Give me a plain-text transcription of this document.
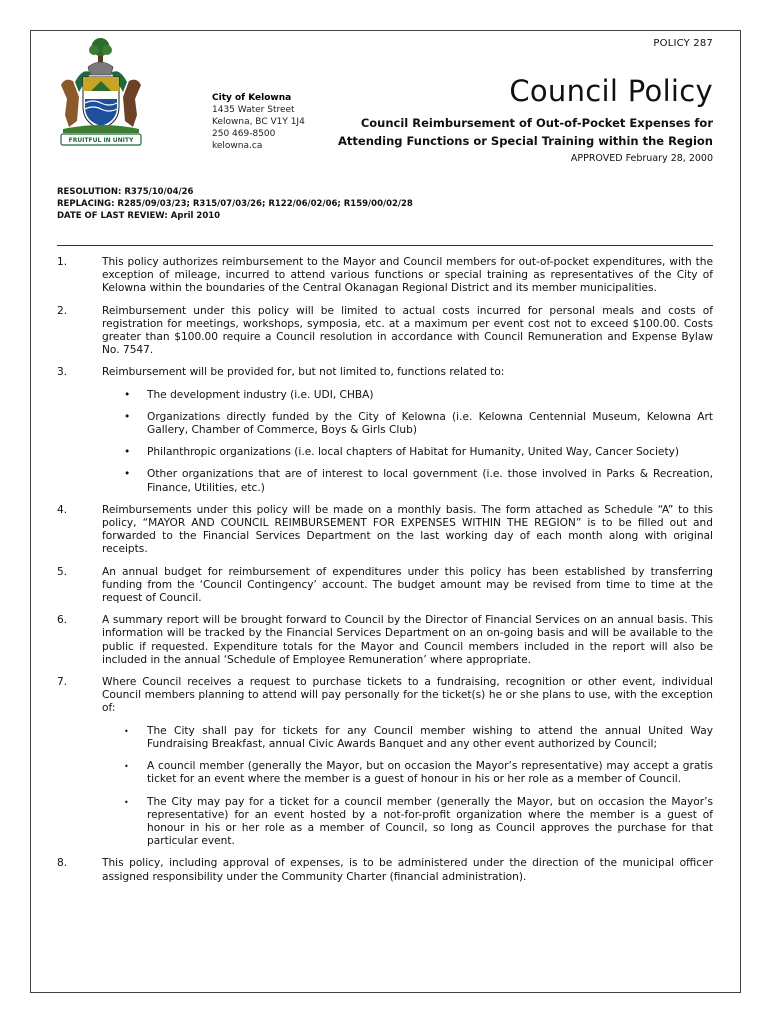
POLICY 287
FRUITFUL IN UNITY
City of Kelowna
1435 Water Street
Kelowna, BC V1Y 1J4
250 469-8500
kelowna.ca
Council Policy
Council Reimbursement of Out-of-Pocket Expenses for Attending Functions or Special Training within the Region
APPROVED February 28, 2000
RESOLUTION: R375/10/04/26
REPLACING: R285/09/03/23; R315/07/03/26; R122/06/02/06; R159/00/02/28
DATE OF LAST REVIEW: April 2010
1.	This policy authorizes reimbursement to the Mayor and Council members for out-of-pocket expenditures, with the exception of mileage, incurred to attend various functions or special training as representatives of the City of Kelowna within the boundaries of the Central Okanagan Regional District and its member municipalities.
2.	Reimbursement under this policy will be limited to actual costs incurred for personal meals and costs of registration for meetings, workshops, symposia, etc. at a maximum per event cost not to exceed $100.00. Costs greater than $100.00 require a Council resolution in accordance with Council Remuneration and Expense Bylaw No. 7547.
3.	Reimbursement will be provided for, but not limited to, functions related to:
• The development industry (i.e. UDI, CHBA)
• Organizations directly funded by the City of Kelowna (i.e. Kelowna Centennial Museum, Kelowna Art Gallery, Chamber of Commerce, Boys & Girls Club)
• Philanthropic organizations (i.e. local chapters of Habitat for Humanity, United Way, Cancer Society)
• Other organizations that are of interest to local government (i.e. those involved in Parks & Recreation, Finance, Utilities, etc.)
4.	Reimbursements under this policy will be made on a monthly basis. The form attached as Schedule “A” to this policy, “MAYOR AND COUNCIL REIMBURSEMENT FOR EXPENSES WITHIN THE REGION” is to be filled out and forwarded to the Financial Services Department on the last working day of each month along with original receipts.
5.	An annual budget for reimbursement of expenditures under this policy has been established by transferring funding from the ‘Council Contingency’ account. The budget amount may be revised from time to time at the request of Council.
6.	A summary report will be brought forward to Council by the Director of Financial Services on an annual basis. This information will be tracked by the Financial Services Department on an on-going basis and will be available to the public if requested. Expenditure totals for the Mayor and Council members included in the report will also be included in the annual ‘Schedule of Employee Remuneration’ where appropriate.
7.	Where Council receives a request to purchase tickets to a fundraising, recognition or other event, individual Council members planning to attend will pay personally for the ticket(s) he or she plans to use, with the exception of:
• The City shall pay for tickets for any Council member wishing to attend the annual United Way Fundraising Breakfast, annual Civic Awards Banquet and any other event authorized by Council;
• A council member (generally the Mayor, but on occasion the Mayor’s representative) may accept a gratis ticket for an event where the member is a guest of honour in his or her role as a member of Council.
• The City may pay for a ticket for a council member (generally the Mayor, but on occasion the Mayor’s representative) for an event hosted by a not-for-profit organization where the member is a guest of honour in his or her role as a member of Council, so long as Council approves the purchase for that particular event.
8.	This policy, including approval of expenses, is to be administered under the direction of the municipal officer assigned responsibility under the Community Charter (financial administration).
